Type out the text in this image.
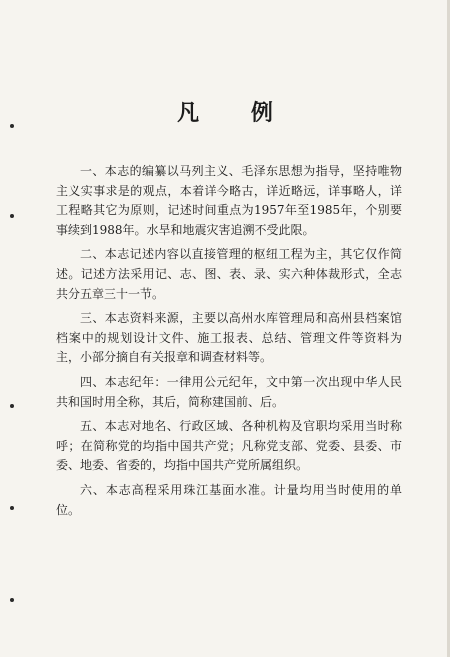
凡 例

一、本志的编纂以马列主义、毛泽东思想为指导，坚持唯物主义实事求是的观点，本着详今略古，详近略远，详事略人，详工程略其它为原则，记述时间重点为1957年至1985年，个别要事续到1988年。水旱和地震灾害追溯不受此限。

二、本志记述内容以直接管理的枢纽工程为主，其它仅作简述。记述方法采用记、志、图、表、录、实六种体裁形式，全志共分五章三十一节。

三、本志资料来源，主要以高州水库管理局和高州县档案馆档案中的规划设计文件、施工报表、总结、管理文件等资料为主，小部分摘自有关报章和调查材料等。

四、本志纪年：一律用公元纪年，文中第一次出现中华人民共和国时用全称，其后，简称建国前、后。

五、本志对地名、行政区域、各种机构及官职均采用当时称呼；在简称党的均指中国共产党；凡称党支部、党委、县委、市委、地委、省委的，均指中国共产党所属组织。

六、本志高程采用珠江基面水准。计量均用当时使用的单位。
